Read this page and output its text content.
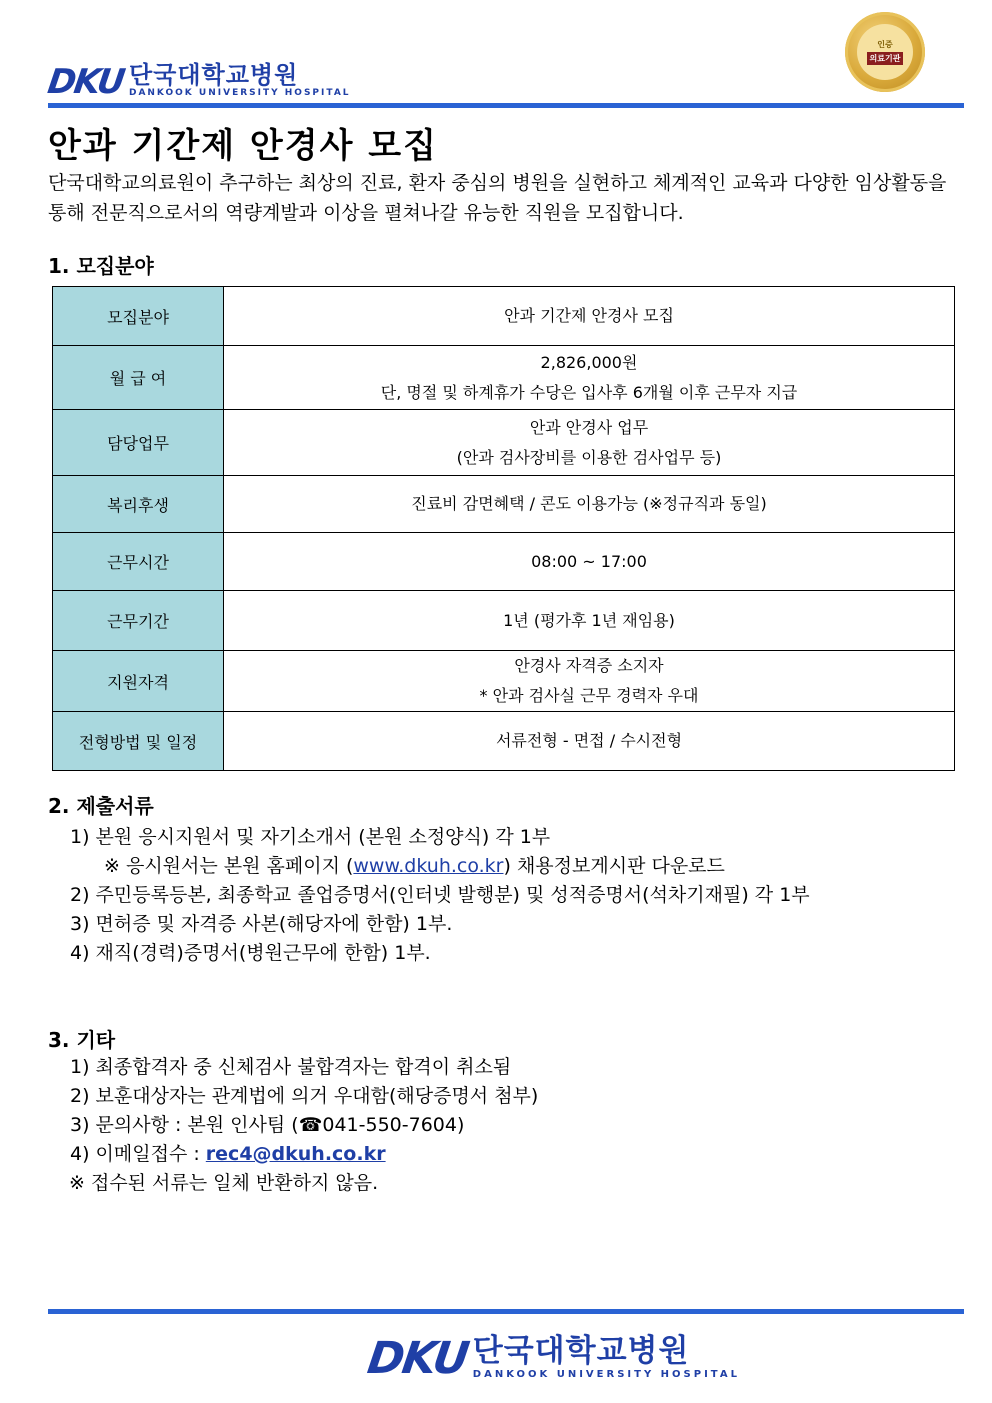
DKU 단국대학교병원
DANKOOK UNIVERSITY HOSPITAL
인증
의료기관
안과 기간제 안경사 모집

단국대학교의료원이 추구하는 최상의 진료, 환자 중심의 병원을 실현하고 체계적인 교육과 다양한 임상활동을 통해 전문직으로서의 역량계발과 이상을 펼쳐나갈 유능한 직원을 모집합니다.

1. 모집분야
모집분야	안과 기간제 안경사 모집

월 급 여	2,826,000원
단, 명절 및 하계휴가 수당은 입사후 6개월 이후 근무자 지급

담당업무	안과 안경사 업무
(안과 검사장비를 이용한 검사업무 등)

복리후생	진료비 감면혜택 / 콘도 이용가능 (※정규직과 동일)

근무시간	08:00 ~ 17:00

근무기간	1년 (평가후 1년 재임용)

지원자격	안경사 자격증 소지자
* 안과 검사실 근무 경력자 우대

전형방법 및 일정	서류전형 - 면접 / 수시전형
2. 제출서류
1) 본원 응시지원서 및 자기소개서 (본원 소정양식) 각 1부
※ 응시원서는 본원 홈페이지 (www.dkuh.co.kr) 채용정보게시판 다운로드
2) 주민등록등본, 최종학교 졸업증명서(인터넷 발행분) 및 성적증명서(석차기재필) 각 1부
3) 면허증 및 자격증 사본(해당자에 한함) 1부.
4) 재직(경력)증명서(병원근무에 한함) 1부.
3. 기타
1) 최종합격자 중 신체검사 불합격자는 합격이 취소됨
2) 보훈대상자는 관계법에 의거 우대함(해당증명서 첨부)
3) 문의사항 : 본원 인사팀 (☎041-550-7604)
4) 이메일접수 : rec4@dkuh.co.kr
※ 접수된 서류는 일체 반환하지 않음.
DKU 단국대학교병원
DANKOOK UNIVERSITY HOSPITAL
